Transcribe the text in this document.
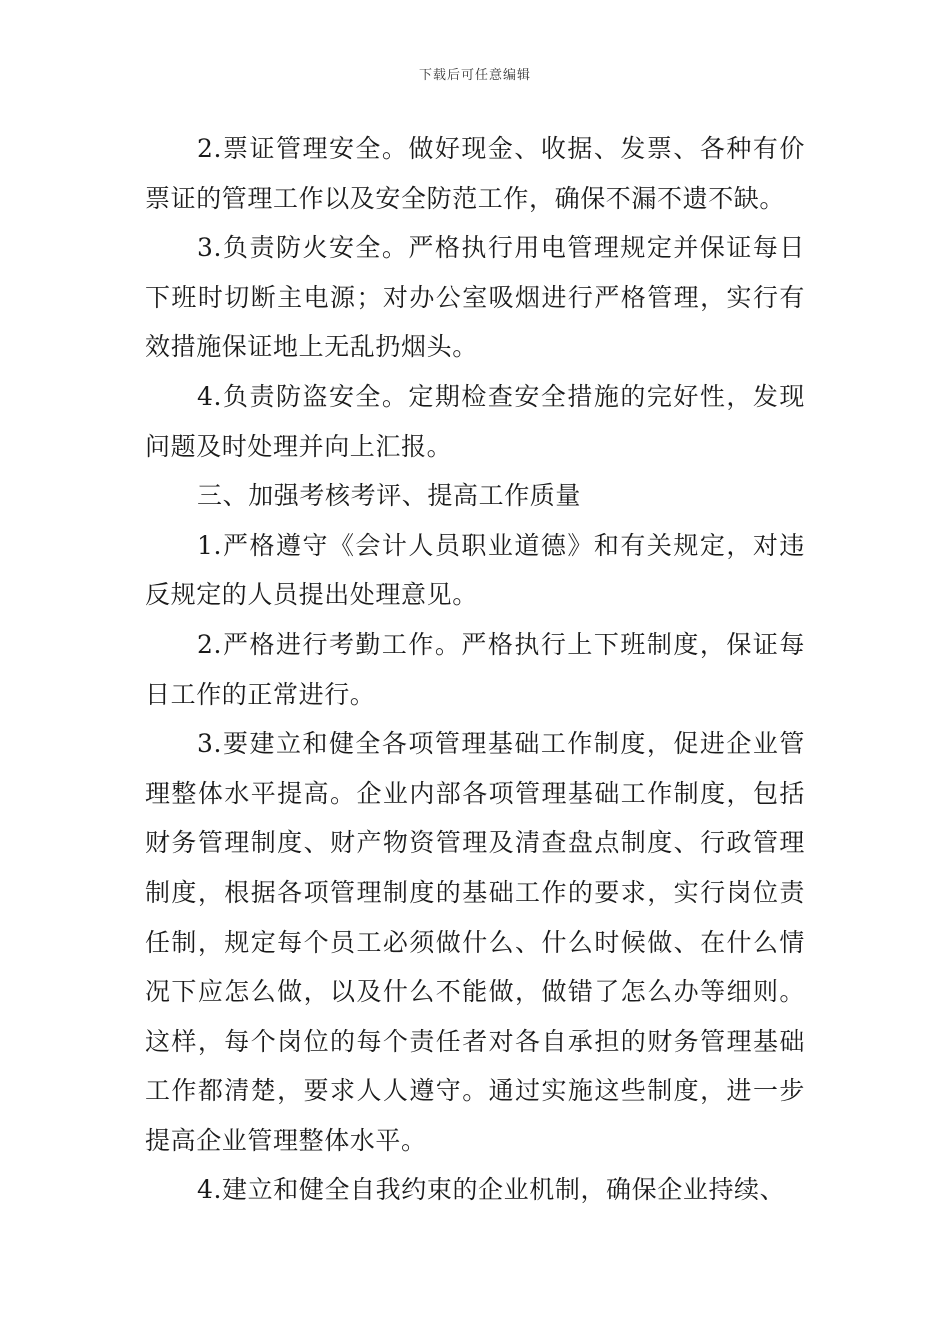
下载后可任意编辑

2.票证管理安全。做好现金、收据、发票、各种有价票证的管理工作以及安全防范工作，确保不漏不遗不缺。

3.负责防火安全。严格执行用电管理规定并保证每日下班时切断主电源；对办公室吸烟进行严格管理，实行有效措施保证地上无乱扔烟头。

4.负责防盗安全。定期检查安全措施的完好性，发现问题及时处理并向上汇报。

三、加强考核考评、提高工作质量

1.严格遵守《会计人员职业道德》和有关规定，对违反规定的人员提出处理意见。

2.严格进行考勤工作。严格执行上下班制度，保证每日工作的正常进行。

3.要建立和健全各项管理基础工作制度，促进企业管理整体水平提高。企业内部各项管理基础工作制度，包括财务管理制度、财产物资管理及清查盘点制度、行政管理制度，根据各项管理制度的基础工作的要求，实行岗位责任制，规定每个员工必须做什么、什么时候做、在什么情况下应怎么做，以及什么不能做，做错了怎么办等细则。这样，每个岗位的每个责任者对各自承担的财务管理基础工作都清楚，要求人人遵守。通过实施这些制度，进一步提高企业管理整体水平。

4.建立和健全自我约束的企业机制，确保企业持续、
